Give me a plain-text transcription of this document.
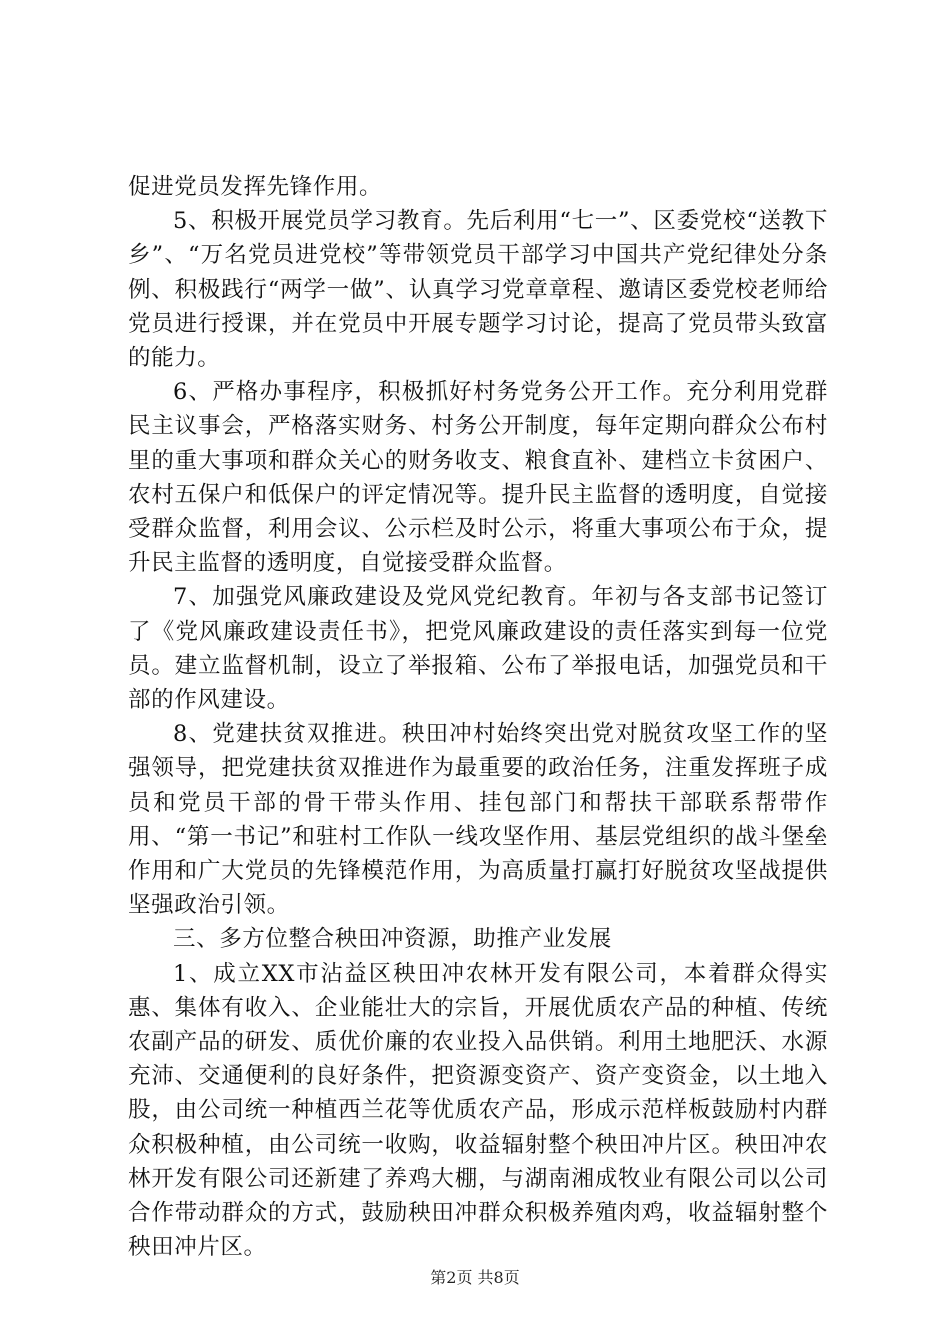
促进党员发挥先锋作用。

5、积极开展党员学习教育。先后利用“七一”、区委党校“送教下乡”、“万名党员进党校”等带领党员干部学习中国共产党纪律处分条例、积极践行“两学一做”、认真学习党章章程、邀请区委党校老师给党员进行授课，并在党员中开展专题学习讨论，提高了党员带头致富的能力。

6、严格办事程序，积极抓好村务党务公开工作。充分利用党群民主议事会，严格落实财务、村务公开制度，每年定期向群众公布村里的重大事项和群众关心的财务收支、粮食直补、建档立卡贫困户、农村五保户和低保户的评定情况等。提升民主监督的透明度，自觉接受群众监督，利用会议、公示栏及时公示，将重大事项公布于众，提升民主监督的透明度，自觉接受群众监督。

7、加强党风廉政建设及党风党纪教育。年初与各支部书记签订了《党风廉政建设责任书》，把党风廉政建设的责任落实到每一位党员。建立监督机制，设立了举报箱、公布了举报电话，加强党员和干部的作风建设。

8、党建扶贫双推进。秧田冲村始终突出党对脱贫攻坚工作的坚强领导，把党建扶贫双推进作为最重要的政治任务，注重发挥班子成员和党员干部的骨干带头作用、挂包部门和帮扶干部联系帮带作用、“第一书记”和驻村工作队一线攻坚作用、基层党组织的战斗堡垒作用和广大党员的先锋模范作用，为高质量打赢打好脱贫攻坚战提供坚强政治引领。

三、多方位整合秧田冲资源，助推产业发展

1、成立XX市沾益区秧田冲农林开发有限公司，本着群众得实惠、集体有收入、企业能壮大的宗旨，开展优质农产品的种植、传统农副产品的研发、质优价廉的农业投入品供销。利用土地肥沃、水源充沛、交通便利的良好条件，把资源变资产、资产变资金，以土地入股，由公司统一种植西兰花等优质农产品，形成示范样板鼓励村内群众积极种植，由公司统一收购，收益辐射整个秧田冲片区。秧田冲农林开发有限公司还新建了养鸡大棚，与湖南湘成牧业有限公司以公司合作带动群众的方式，鼓励秧田冲群众积极养殖肉鸡，收益辐射整个秧田冲片区。

第2页 共8页
